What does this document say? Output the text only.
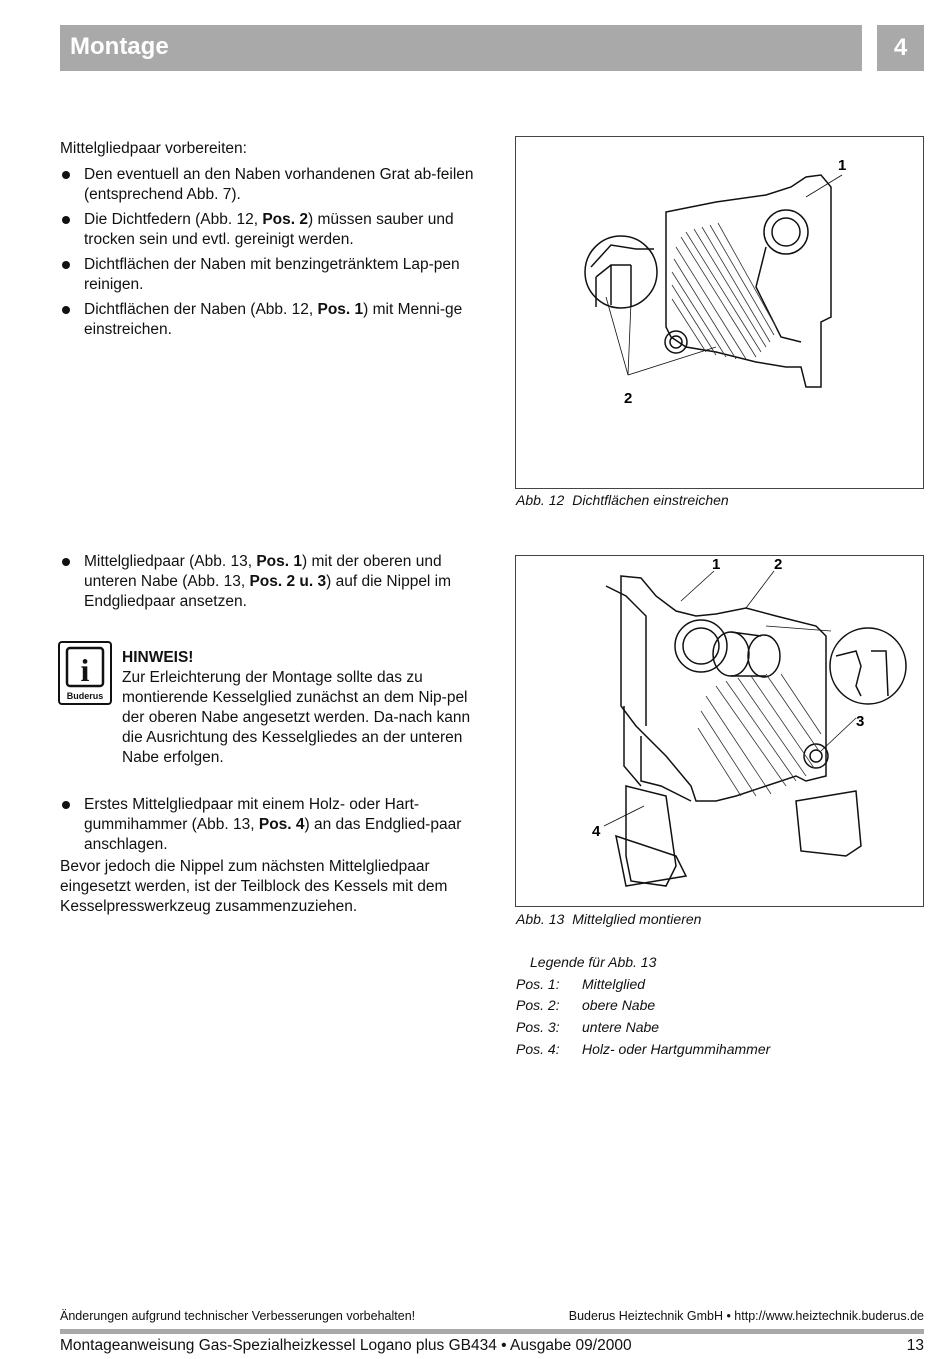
Montage	4

Mittelgliedpaar vorbereiten:

Den eventuell an den Naben vorhandenen Grat ab-feilen (entsprechend Abb. 7).
Die Dichtfedern (Abb. 12, Pos. 2) müssen sauber und trocken sein und evtl. gereinigt werden.
Dichtflächen der Naben mit benzingetränktem Lap-pen reinigen.
Dichtflächen der Naben (Abb. 12, Pos. 1) mit Menni-ge einstreichen.
1
2
Abb. 12 Dichtflächen einstreichen
Mittelgliedpaar (Abb. 13, Pos. 1) mit der oberen und unteren Nabe (Abb. 13, Pos. 2 u. 3) auf die Nippel im Endgliedpaar ansetzen.
i
Buderus
HINWEIS!
Zur Erleichterung der Montage sollte das zu montierende Kesselglied zunächst an dem Nip-pel der oberen Nabe angesetzt werden. Da-nach kann die Ausrichtung des Kesselgliedes an der unteren Nabe erfolgen.
Erstes Mittelgliedpaar mit einem Holz- oder Hart-gummihammer (Abb. 13, Pos. 4) an das Endglied-paar anschlagen.

Bevor jedoch die Nippel zum nächsten Mittelgliedpaar eingesetzt werden, ist der Teilblock des Kessels mit dem Kesselpresswerkzeug zusammenzuziehen.

1	2
3
4
Abb. 13 Mittelglied montieren
Legende für Abb. 13
Pos. 1:	Mittelglied
Pos. 2:	obere Nabe
Pos. 3:	untere Nabe
Pos. 4:	Holz- oder Hartgummihammer
Änderungen aufgrund technischer Verbesserungen vorbehalten!	Buderus Heiztechnik GmbH • http://www.heiztechnik.buderus.de
Montageanweisung Gas-Spezialheizkessel Logano plus GB434 • Ausgabe 09/2000	13
